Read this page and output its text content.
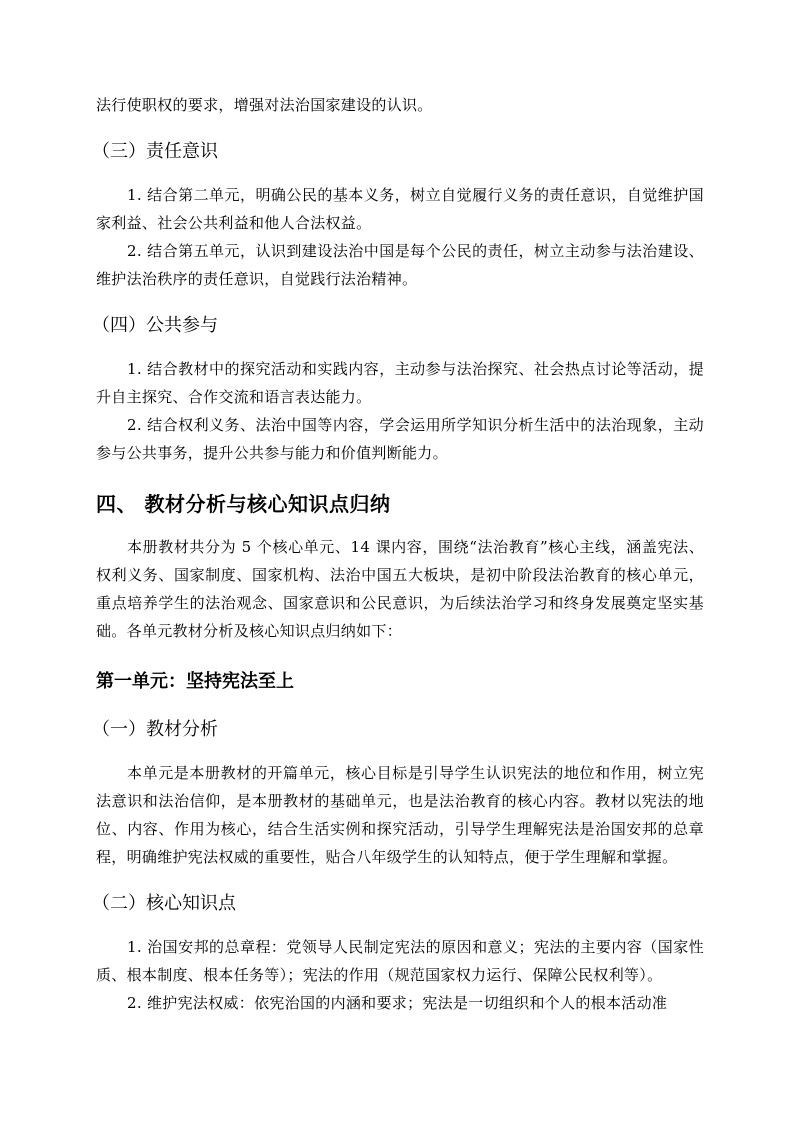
法行使职权的要求，增强对法治国家建设的认识。

（三）责任意识

1. 结合第二单元，明确公民的基本义务，树立自觉履行义务的责任意识，自觉维护国家利益、社会公共利益和他人合法权益。

2. 结合第五单元，认识到建设法治中国是每个公民的责任，树立主动参与法治建设、维护法治秩序的责任意识，自觉践行法治精神。

（四）公共参与

1. 结合教材中的探究活动和实践内容，主动参与法治探究、社会热点讨论等活动，提升自主探究、合作交流和语言表达能力。

2. 结合权利义务、法治中国等内容，学会运用所学知识分析生活中的法治现象，主动参与公共事务，提升公共参与能力和价值判断能力。

四、 教材分析与核心知识点归纳

本册教材共分为 5 个核心单元、14 课内容，围绕“法治教育”核心主线，涵盖宪法、权利义务、国家制度、国家机构、法治中国五大板块，是初中阶段法治教育的核心单元，重点培养学生的法治观念、国家意识和公民意识，为后续法治学习和终身发展奠定坚实基础。各单元教材分析及核心知识点归纳如下：

第一单元：坚持宪法至上
（一）教材分析

本单元是本册教材的开篇单元，核心目标是引导学生认识宪法的地位和作用，树立宪法意识和法治信仰，是本册教材的基础单元，也是法治教育的核心内容。教材以宪法的地位、内容、作用为核心，结合生活实例和探究活动，引导学生理解宪法是治国安邦的总章程，明确维护宪法权威的重要性，贴合八年级学生的认知特点，便于学生理解和掌握。

（二）核心知识点

1. 治国安邦的总章程：党领导人民制定宪法的原因和意义；宪法的主要内容（国家性质、根本制度、根本任务等）；宪法的作用（规范国家权力运行、保障公民权利等）。

2. 维护宪法权威：依宪治国的内涵和要求；宪法是一切组织和个人的根本活动准
